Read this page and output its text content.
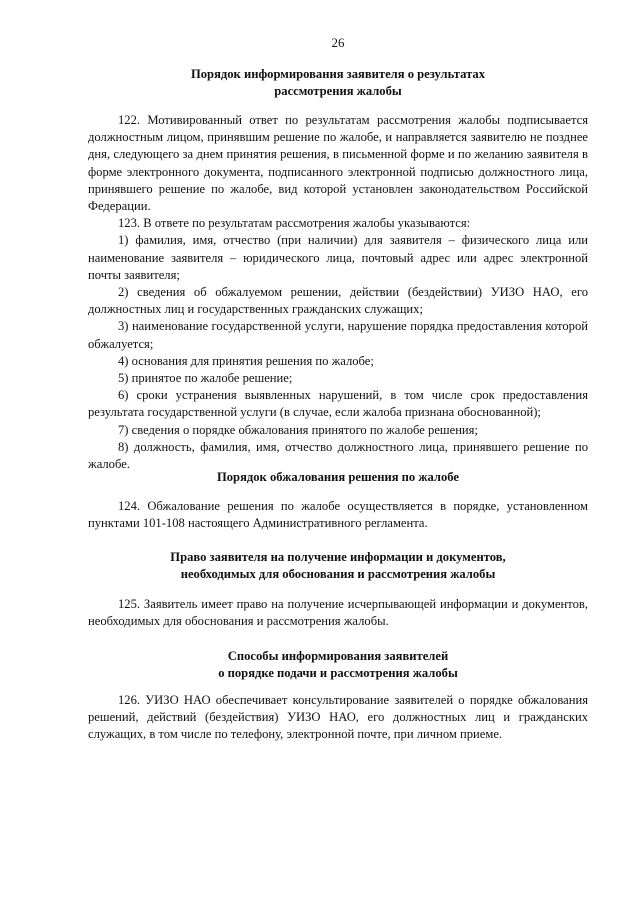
26
Порядок информирования заявителя о результатах
рассмотрения жалобы

122. Мотивированный ответ по результатам рассмотрения жалобы подписывается должностным лицом, принявшим решение по жалобе, и направляется заявителю не позднее дня, следующего за днем принятия решения, в письменной форме и по желанию заявителя в форме электронного документа, подписанного электронной подписью должностного лица, принявшего решение по жалобе, вид которой установлен законодательством Российской Федерации.

123. В ответе по результатам рассмотрения жалобы указываются:

1) фамилия, имя, отчество (при наличии) для заявителя – физического лица или наименование заявителя – юридического лица, почтовый адрес или адрес электронной почты заявителя;

2) сведения об обжалуемом решении, действии (бездействии) УИЗО НАО, его должностных лиц и государственных гражданских служащих;

3) наименование государственной услуги, нарушение порядка предоставления которой обжалуется;

4) основания для принятия решения по жалобе;

5) принятое по жалобе решение;

6) сроки устранения выявленных нарушений, в том числе срок предоставления результата государственной услуги (в случае, если жалоба признана обоснованной);

7) сведения о порядке обжалования принятого по жалобе решения;

8) должность, фамилия, имя, отчество должностного лица, принявшего решение по жалобе.

Порядок обжалования решения по жалобе

124. Обжалование решения по жалобе осуществляется в порядке, установленном пунктами 101-108 настоящего Административного регламента.

Право заявителя на получение информации и документов,
необходимых для обоснования и рассмотрения жалобы

125. Заявитель имеет право на получение исчерпывающей информации и документов, необходимых для обоснования и рассмотрения жалобы.

Способы информирования заявителей
о порядке подачи и рассмотрения жалобы

126. УИЗО НАО обеспечивает консультирование заявителей о порядке обжалования решений, действий (бездействия) УИЗО НАО, его должностных лиц и гражданских служащих, в том числе по телефону, электронной почте, при личном приеме.
